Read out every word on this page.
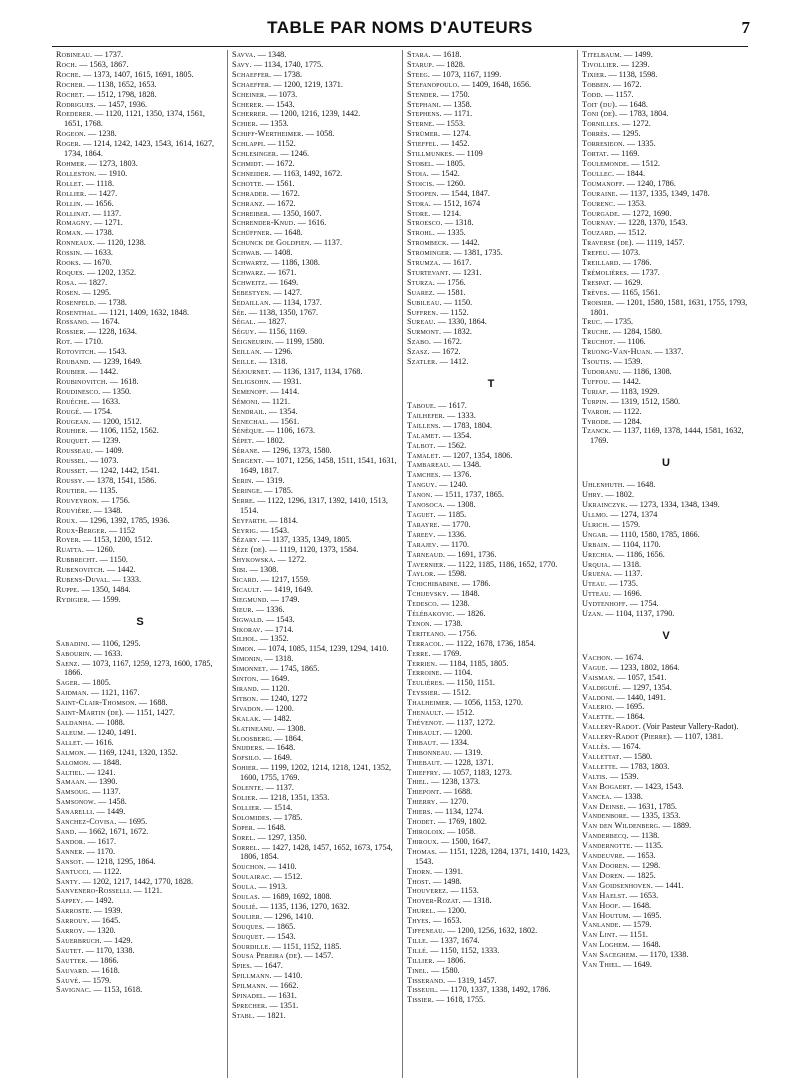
TABLE PAR NOMS D'AUTEURS	7
Robineau. — 1737.
Roch. — 1563, 1867.
Roche. — 1373, 1407, 1615, 1691, 1805.
Rocher. — 1138, 1652, 1653.
Rochet. — 1512, 1798, 1828.
Rodrigues. — 1457, 1936.
Roederer. — 1120, 1121, 1350, 1374, 1561, 1651, 1768.
Rogeon. — 1238.
Roger. — 1214, 1242, 1423, 1543, 1614, 1627, 1734, 1864.
Rohmer. — 1273, 1803.
Rolleston. — 1910.
Rollet. — 1118.
Rollier. — 1427.
Rollin. — 1656.
Rollinat. — 1137.
Romagny. — 1271.
Roman. — 1738.
Ronneaux. — 1120, 1238.
Rossin. — 1633.
Rooks. — 1670.
Roques. — 1202, 1352.
Rosa. — 1827.
Rosen. — 1295.
Rosenfeld. — 1738.
Rosenthal. — 1121, 1409, 1632, 1848.
Rossano. — 1674.
Rossier. — 1228, 1634.
Rot. — 1710.
Rotovitch. — 1543.
Rouband. — 1239, 1649.
Roubier. — 1442.
Roubinovitch. — 1618.
Roudinesco. — 1350.
Rouèche. — 1633.
Rougé. — 1754.
Rougean. — 1200, 1512.
Rouhier. — 1106, 1152, 1562.
Rouquet. — 1239.
Rousseau. — 1409.
Roussel. — 1073.
Rousset. — 1242, 1442, 1541.
Roussy. — 1378, 1541, 1586.
Routier. — 1135.
Rouveyron. — 1756.
Rouvière. — 1348.
Roux. — 1296, 1392, 1785, 1936.
Roux-Berger. — 1152
Royer. — 1153, 1200, 1512.
Ruatta. — 1260.
Rubbrecht. — 1150.
Rubenovitch. — 1442.
Rubens-Duval. — 1333.
Ruppe. — 1350, 1484.
Rydigier. — 1599.
S
Sabadini. — 1106, 1295.
Sabourin. — 1633.
Saenz. — 1073, 1167, 1259, 1273, 1600, 1785, 1866.
Sager. — 1805.
Saidman. — 1121, 1167.
Saint-Clair-Thomson. — 1688.
Saint-Martin (de). — 1151, 1427.
Saldanha. — 1088.
Saleum. — 1240, 1491.
Sallet. — 1616.
Salmon. — 1169, 1241, 1320, 1352.
Salomon. — 1848.
Saltiel. — 1241.
Samaan. — 1390.
Samsoug. — 1137.
Samsonow. — 1458.
Sanarelli. — 1449.
Sanchez-Covisa. — 1695.
Sand. — 1662, 1671, 1672.
Sandor. — 1617.
Sanner. — 1170.
Sansot. — 1218, 1295, 1864.
Santucci. — 1122.
Santy. — 1202, 1217, 1442, 1770, 1828.
Sanvenero-Rosselli. — 1121.
Sappey. — 1492.
Sarroste. — 1939.
Sarrouy. — 1645.
Sarroy. — 1320.
Sauerbruch. — 1429.
Sautet. — 1170, 1338.
Sautter. — 1866.
Sauvard. — 1618.
Sauvé. — 1579.
Savignac. — 1153, 1618.
Savva. — 1348.
Savy. — 1134, 1740, 1775.
Schaeffer. — 1738.
Schaeffer. — 1200, 1219, 1371.
Scheiner. — 1073.
Scherer. — 1543.
Scherrer. — 1200, 1216, 1239, 1442.
Schier. — 1353.
Schiff-Wertheimer. — 1058.
Schlappi. — 1152.
Schlesinger. — 1246.
Schmidt. — 1672.
Schneider. — 1163, 1492, 1672.
Schotte. — 1561.
Schrader. — 1672.
Schranz. — 1672.
Schreiber. — 1350, 1607.
Schrender-Knud. — 1616.
Schüffner. — 1648.
Schunck de Goldfien. — 1137.
Schwab. — 1408.
Schwartz. — 1186, 1308.
Schwarz. — 1671.
Schweitz. — 1649.
Sebestyen. — 1427.
Sedaillan. — 1134, 1737.
Sée. — 1138, 1350, 1767.
Ségal. — 1827.
Séguy. — 1156, 1169.
Seigneurin. — 1199, 1580.
Seillan. — 1296.
Seille. — 1318.
Séjournet. — 1136, 1317, 1134, 1768.
Seligsohn. — 1931.
Semenoff. — 1414.
Sémoni. — 1121.
Sendrail. — 1354.
Senechal. — 1561.
Sénèque. — 1106, 1673.
Sépet. — 1802.
Sérane. — 1296, 1373, 1580.
Sergent. — 1071, 1256, 1458, 1511, 1541, 1631, 1649, 1817.
Serin. — 1319.
Seringe. — 1785.
Serre. — 1122, 1296, 1317, 1392, 1410, 1513, 1514.
Seyfarth. — 1814.
Seyrig. — 1543.
Sézary. — 1137, 1335, 1349, 1805.
Sèze (de). — 1119, 1120, 1373, 1584.
Shykowska. — 1272.
Sibi. — 1308.
Sicard. — 1217, 1559.
Sicault. — 1419, 1649.
Siegmund. — 1749.
Sieur. — 1336.
Sigwald. — 1543.
Sikorav. — 1714.
Silhol. — 1352.
Simon. — 1074, 1085, 1154, 1239, 1294, 1410.
Simonin. — 1318.
Simonnet. — 1745, 1865.
Sinton. — 1649.
Sirand. — 1120.
Sitbon. — 1240, 1272
Sivadon. — 1200.
Skalak. — 1482.
Slatineanu. — 1308.
Sloosberg. — 1864.
Snijders. — 1648.
Sofsilo. — 1649.
Sohier. — 1199, 1202, 1214, 1218, 1241, 1352, 1600, 1755, 1769.
Solente. — 1137.
Solier. — 1218, 1351, 1353.
Sollier. — 1514.
Solomides. — 1785.
Soper. — 1648.
Sorel. — 1297, 1350.
Sorrel. — 1427, 1428, 1457, 1652, 1673, 1754, 1806, 1854.
Souchon. — 1410.
Soulairac. — 1512.
Soula. — 1913.
Soulas. — 1689, 1692, 1808.
Soulié. — 1135, 1136, 1270, 1632.
Soulier. — 1296, 1410.
Souques. — 1865.
Souquet. — 1543.
Sourdille. — 1151, 1152, 1185.
Sousa Pereira (de). — 1457.
Spies. — 1647.
Spillmann. — 1410.
Spilmann. — 1662.
Spinadel. — 1631.
Sprecher. — 1351.
Stabl. — 1821.
Stara. — 1618.
Starup. — 1828.
Steeg. — 1073, 1167, 1199.
Stefanopoulo. — 1409, 1648, 1656.
Stender. — 1750.
Stephani. — 1358.
Stephens. — 1171.
Sterne. — 1553.
Strümer. — 1274.
Stieffel. — 1452.
Stillmunkes. — 1109
Stobel. — 1805.
Stoia. — 1542.
Stoicis. — 1260.
Stoopen. — 1544, 1847.
Stora. — 1512, 1674
Store. — 1214.
Stroesco. — 1318.
Strohl. — 1335.
Strombeck. — 1442.
Strominger. — 1381, 1735.
Strumza. — 1617.
Sturtevant. — 1231.
Sturza. — 1756.
Suarez. — 1581.
Subileau. — 1150.
Suffren. — 1152.
Sureau. — 1330, 1864.
Surmont. — 1832.
Szabo. — 1672.
Szasz. — 1672.
Szatler. — 1412.
T
Taboue. — 1617.
Tailhefer. — 1333.
Taillens. — 1783, 1804.
Talamet. — 1354.
Talbot. — 1562.
Tamalet. — 1207, 1354, 1806.
Tambareau. — 1348.
Tamches. — 1376.
Tanguy. — 1240.
Tanon. — 1511, 1737, 1865.
Tanosoca. — 1308.
Taguet. — 1185.
Tarayre. — 1770.
Tareev. — 1336.
Tarajev. — 1170.
Tarneaud. — 1691, 1736.
Tavernier. — 1122, 1185, 1186, 1652, 1770.
Taylor. — 1598.
Tchichibabine. — 1786.
Tchijevsky. — 1848.
Tedesco. — 1238.
Télébakovic. — 1826.
Tenon. — 1738.
Teriteano. — 1756.
Terracol. — 1122, 1678, 1736, 1854.
Terre. — 1769.
Terrien. — 1184, 1185, 1805.
Terroine. — 1104.
Teulières. — 1150, 1151.
Teyssier. — 1512.
Thalheimer. — 1056, 1153, 1270.
Thenault. — 1512.
Thévenot. — 1137, 1272.
Thibault. — 1200.
Thibaut. — 1334.
Thibonneau. — 1319.
Thiebaut. — 1228, 1371.
Thieffry. — 1057, 1183, 1273.
Thiel. — 1238, 1373.
Thiepont. — 1688.
Thierry. — 1270.
Thiers. — 1134, 1274.
Thodet. — 1769, 1802.
Thiroloix. — 1058.
Thiroux. — 1500, 1647.
Thomas. — 1151, 1228, 1284, 1371, 1410, 1423, 1543.
Thorn. — 1391.
Thost. — 1498.
Thouverez. — 1153.
Thoyer-Rozat. — 1318.
Thurel. — 1200.
Thyes. — 1653.
Tiffeneau. — 1200, 1256, 1632, 1802.
Tille. — 1337, 1674.
Tillé. — 1150, 1152, 1333.
Tillier. — 1806.
Tinel. — 1580.
Tisserand. — 1319, 1457.
Tisseuil. — 1170, 1337, 1338, 1492, 1786.
Tissier. — 1618, 1755.
Titelbaum. — 1499.
Tivollier. — 1239.
Tixier. — 1138, 1598.
Tobben. — 1672.
Todd. — 1157.
Toit (du). — 1648.
Toni (de). — 1783, 1804.
Tornilles. — 1272.
Torrès. — 1295.
Torresieon. — 1335.
Tortat. — 1169.
Toulemonde. — 1512.
Toullec. — 1844.
Toumanoff. — 1240, 1786.
Touraine. — 1137, 1335, 1349, 1478.
Tourenc. — 1353.
Tourgade. — 1272, 1690.
Tournay. — 1228, 1370, 1543.
Touzard. — 1512.
Traverse (de). — 1119, 1457.
Trefeu. — 1073.
Treillard. — 1786.
Trémolières. — 1737.
Trespat. — 1629.
Trèves. — 1165, 1561.
Troisier. — 1201, 1580, 1581, 1631, 1755, 1793, 1801.
Truc. — 1735.
Truche. — 1284, 1580.
Truchot. — 1106.
Truong-Van-Huan. — 1337.
Tsoutis. — 1539.
Tudoranu. — 1186, 1308.
Tuffou. — 1442.
Turiaf. — 1183, 1929.
Turpin. — 1319, 1512, 1580.
Tvaroh. — 1122.
Tyrode. — 1284.
Tzanck. — 1137, 1169, 1378, 1444, 1581, 1632, 1769.
U
Uhlenhuth. — 1648.
Uhry. — 1802.
Ukrainczyk. — 1273, 1334, 1348, 1349.
Ullmo. — 1274, 1374
Ulrich. — 1579.
Ungar. — 1110, 1580, 1785, 1866.
Urbain. — 1104, 1170.
Urechia. — 1186, 1656.
Urquia. — 1318.
Uruena. — 1137.
Uteau. — 1735.
Utteau. — 1696.
Uydtenhoff. — 1754.
Uzan. — 1104, 1137, 1790.
V
Vachon. — 1674.
Vague. — 1233, 1802, 1864.
Vaisman. — 1057, 1541.
Valdiguié. — 1297, 1354.
Valdoni. — 1440, 1491.
Valerio. — 1695.
Valette. — 1864.
Vallery-Radot. (Voir Pasteur Vallery-Radot).
Vallery-Radot (Pierre). — 1107, 1381.
Vallès. — 1674.
Vallettat. — 1580.
Vallette. — 1783, 1803.
Valtis. — 1539.
Van Bogaert. — 1423, 1543.
Vancea. — 1338.
Van Deinse. — 1631, 1785.
Vandenbore. — 1335, 1353.
Van den Wildenberg. — 1889.
Vanderbecq. — 1138.
Vandernotte. — 1135.
Vandeuvre. — 1653.
Van Dooren. — 1298.
Van Doren. — 1825.
Van Goidsenhoven. — 1441.
Van Haelst. — 1653.
Van Hoof. — 1648.
Van Houtum. — 1695.
Vanlande. — 1579.
Van Lint. — 1151.
Van Loghem. — 1648.
Van Saceghem. — 1170, 1338.
Van Thiel. — 1649.
